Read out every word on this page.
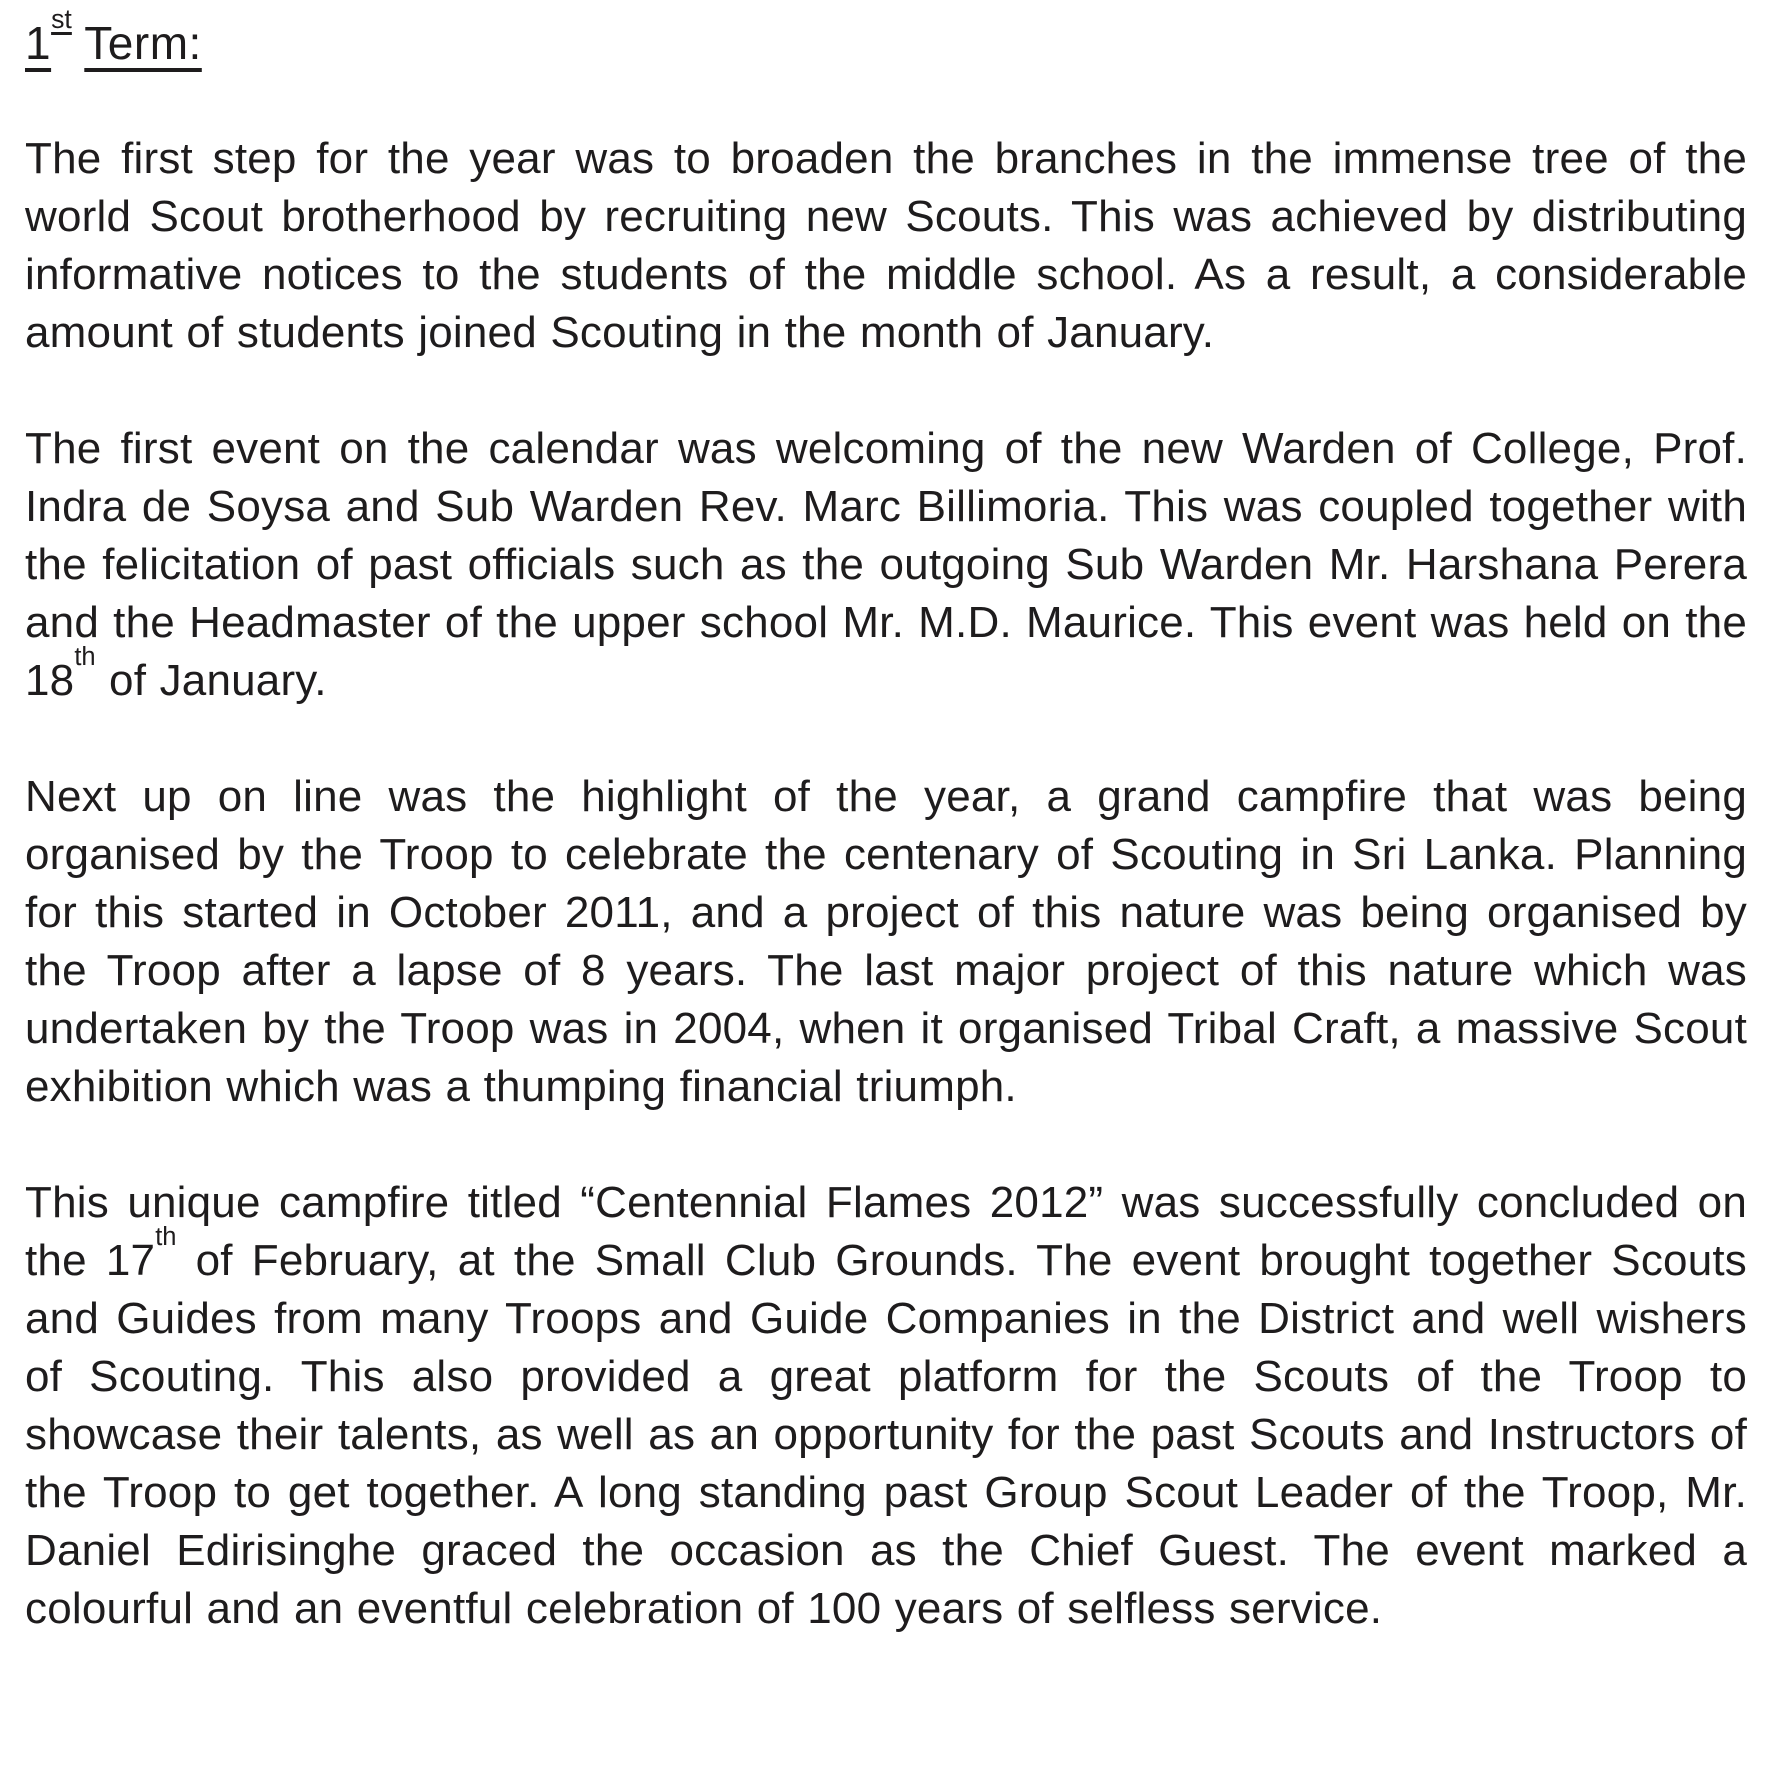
1st Term:

The first step for the year was to broaden the branches in the immense tree of the world Scout brotherhood by recruiting new Scouts. This was achieved by distributing informative notices to the students of the middle school. As a result, a considerable amount of students joined Scouting in the month of January.

The first event on the calendar was welcoming of the new Warden of College, Prof. Indra de Soysa and Sub Warden Rev. Marc Billimoria. This was coupled together with the felicitation of past officials such as the outgoing Sub Warden Mr. Harshana Perera and the Headmaster of the upper school Mr. M.D. Maurice. This event was held on the 18th of January.

Next up on line was the highlight of the year, a grand campfire that was being organised by the Troop to celebrate the centenary of Scouting in Sri Lanka. Planning for this started in October 2011, and a project of this nature was being organised by the Troop after a lapse of 8 years. The last major project of this nature which was undertaken by the Troop was in 2004, when it organised Tribal Craft, a massive Scout exhibition which was a thumping financial triumph.

This unique campfire titled “Centennial Flames 2012” was successfully concluded on the 17th of February, at the Small Club Grounds. The event brought together Scouts and Guides from many Troops and Guide Companies in the District and well wishers of Scouting. This also provided a great platform for the Scouts of the Troop to showcase their talents, as well as an opportunity for the past Scouts and Instructors of the Troop to get together. A long standing past Group Scout Leader of the Troop, Mr. Daniel Edirisinghe graced the occasion as the Chief Guest. The event marked a colourful and an eventful celebration of 100 years of selfless service.
